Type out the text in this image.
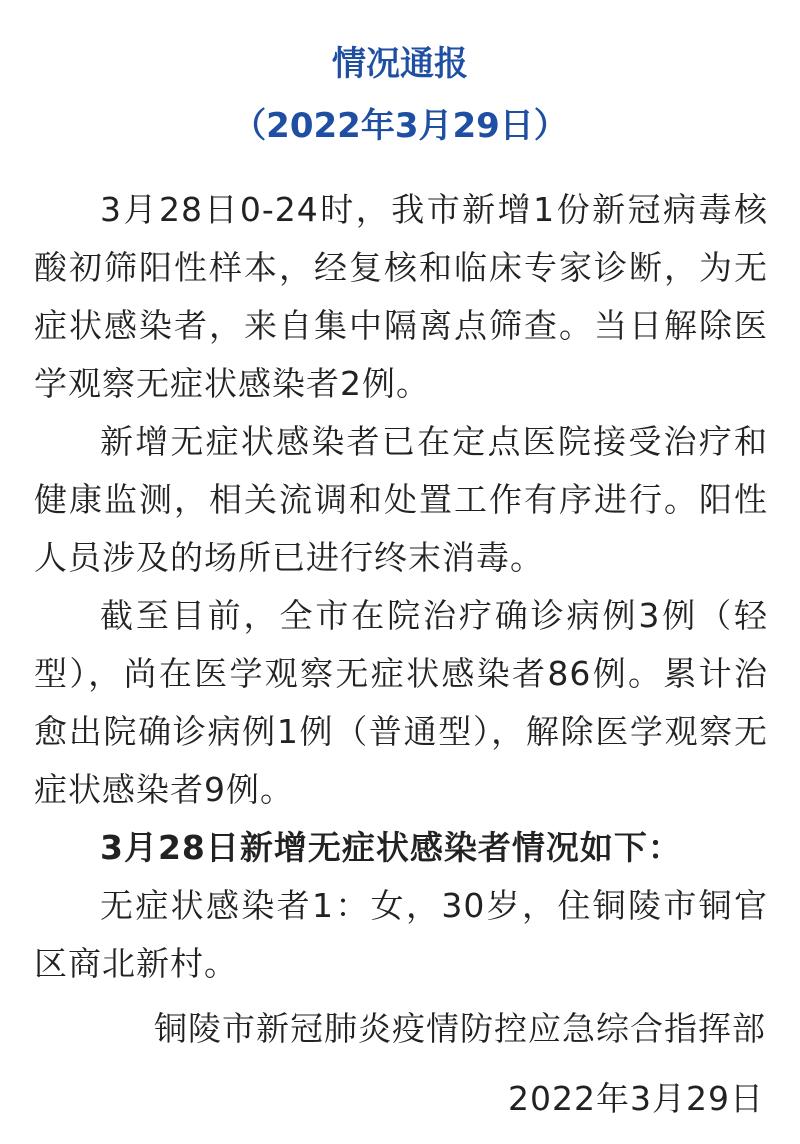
情况通报
（2022年3月29日）

3月28日0-24时，我市新增1份新冠病毒核酸初筛阳性样本，经复核和临床专家诊断，为无症状感染者，来自集中隔离点筛查。当日解除医学观察无症状感染者2例。

新增无症状感染者已在定点医院接受治疗和健康监测，相关流调和处置工作有序进行。阳性人员涉及的场所已进行终末消毒。

截至目前，全市在院治疗确诊病例3例（轻型），尚在医学观察无症状感染者86例。累计治愈出院确诊病例1例（普通型），解除医学观察无症状感染者9例。

3月28日新增无症状感染者情况如下：

无症状感染者1：女，30岁，住铜陵市铜官区商北新村。

铜陵市新冠肺炎疫情防控应急综合指挥部

2022年3月29日
